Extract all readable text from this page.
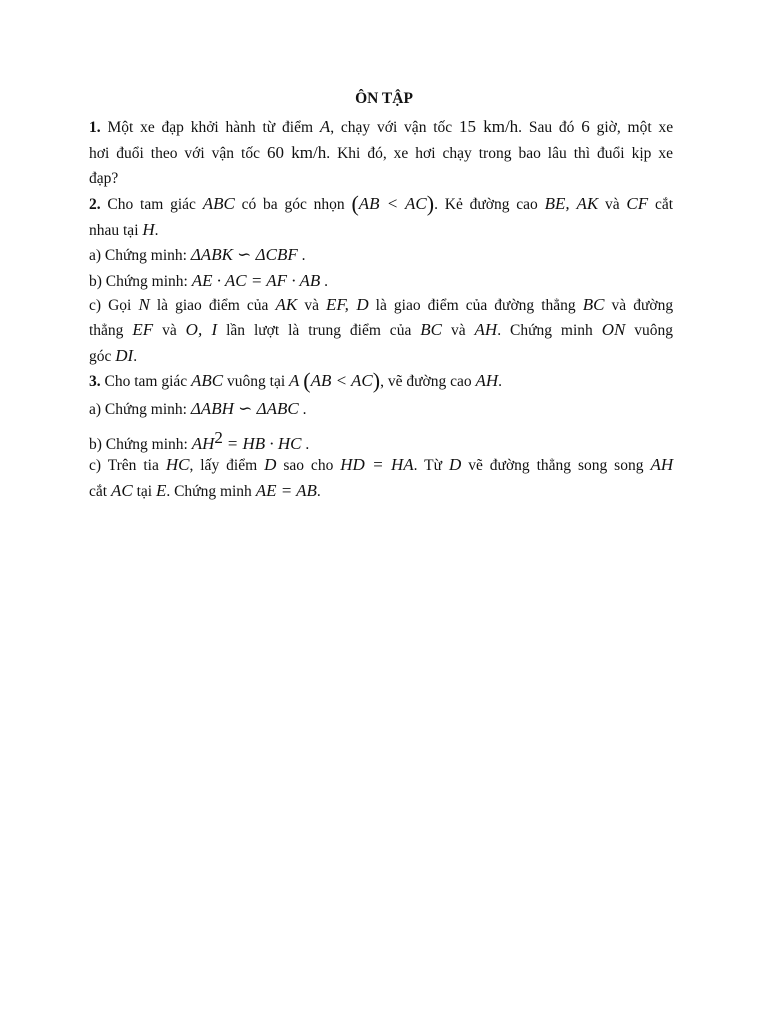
ÔN TẬP
1. Một xe đạp khởi hành từ điểm A, chạy với vận tốc 15 km/h. Sau đó 6 giờ, một xe
hơi đuổi theo với vận tốc 60 km/h. Khi đó, xe hơi chạy trong bao lâu thì đuổi kịp xe
đạp?
2. Cho tam giác ABC có ba góc nhọn (AB < AC). Kẻ đường cao BE, AK và CF cắt
nhau tại H.
a) Chứng minh: ΔABK ∽ ΔCBF .
b) Chứng minh: AE · AC = AF · AB .
c) Gọi N là giao điểm của AK và EF, D là giao điểm của đường thẳng BC và đường
thẳng EF và O, I lần lượt là trung điểm của BC và AH. Chứng minh ON vuông
góc DI.
3. Cho tam giác ABC vuông tại A (AB < AC), vẽ đường cao AH.
a) Chứng minh: ΔABH ∽ ΔABC .
b) Chứng minh: $AH^2$ = HB · HC .
c) Trên tia HC, lấy điểm D sao cho HD = HA. Từ D vẽ đường thẳng song song AH
cắt AC tại E. Chứng minh AE = AB.
